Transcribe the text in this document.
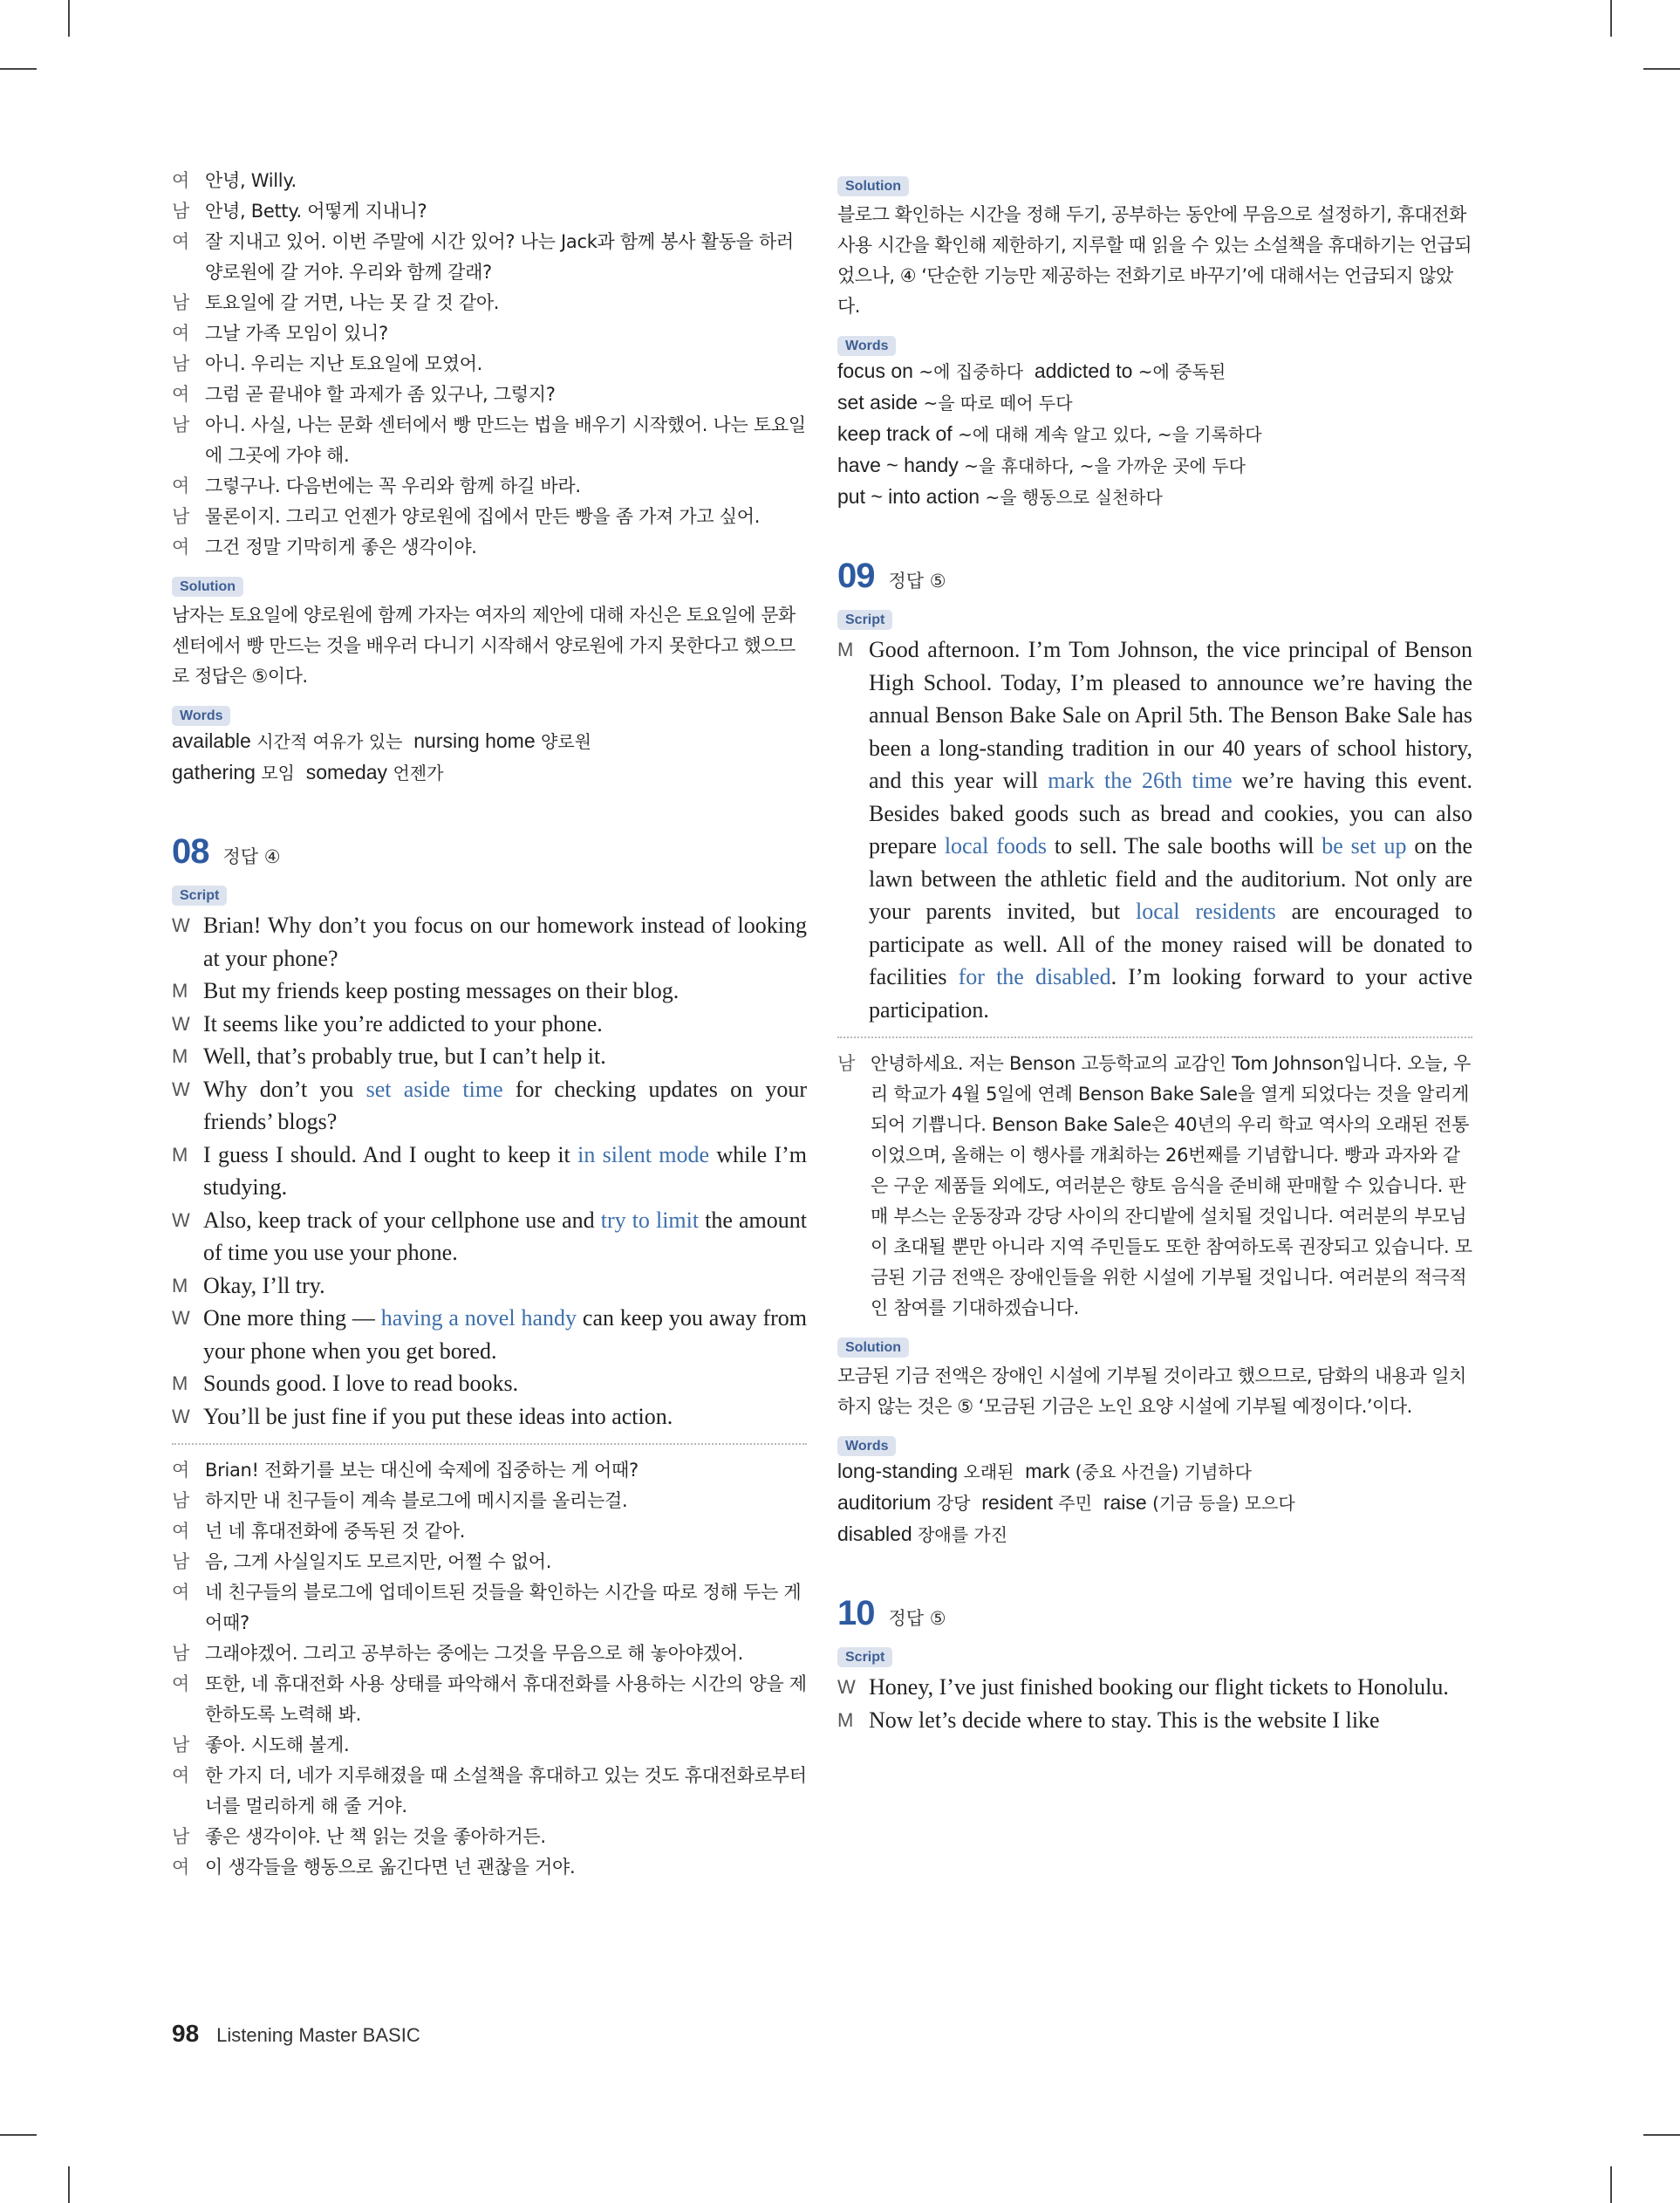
여 안녕, Willy.
남 안녕, Betty. 어떻게 지내니?
여 잘 지내고 있어. 이번 주말에 시간 있어? 나는 Jack과 함께 봉사 활동을 하러 양로원에 갈 거야. 우리와 함께 갈래?
남 토요일에 갈 거면, 나는 못 갈 것 같아.
여 그날 가족 모임이 있니?
남 아니. 우리는 지난 토요일에 모였어.
여 그럼 곧 끝내야 할 과제가 좀 있구나, 그렇지?
남 아니. 사실, 나는 문화 센터에서 빵 만드는 법을 배우기 시작했어. 나는 토요일에 그곳에 가야 해.
여 그렇구나. 다음번에는 꼭 우리와 함께 하길 바라.
남 물론이지. 그리고 언젠가 양로원에 집에서 만든 빵을 좀 가져 가고 싶어.
여 그건 정말 기막히게 좋은 생각이야.
Solution
남자는 토요일에 양로원에 함께 가자는 여자의 제안에 대해 자신은 토요일에 문화 센터에서 빵 만드는 것을 배우러 다니기 시작해서 양로원에 가지 못한다고 했으므로 정답은 ⑤이다.
Words
available 시간적 여유가 있는  nursing home 양로원
gathering 모임  someday 언젠가
08 정답 ④
Script
W Brian! Why don’t you focus on our homework instead of looking at your phone?
M But my friends keep posting messages on their blog.
W It seems like you’re addicted to your phone.
M Well, that’s probably true, but I can’t help it.
W Why don’t you set aside time for checking updates on your friends’ blogs?
M I guess I should. And I ought to keep it in silent mode while I’m studying.
W Also, keep track of your cellphone use and try to limit the amount of time you use your phone.
M Okay, I’ll try.
W One more thing — having a novel handy can keep you away from your phone when you get bored.
M Sounds good. I love to read books.
W You’ll be just fine if you put these ideas into action.
여 Brian! 전화기를 보는 대신에 숙제에 집중하는 게 어때?
남 하지만 내 친구들이 계속 블로그에 메시지를 올리는걸.
여 넌 네 휴대전화에 중독된 것 같아.
남 음, 그게 사실일지도 모르지만, 어쩔 수 없어.
여 네 친구들의 블로그에 업데이트된 것들을 확인하는 시간을 따로 정해 두는 게 어때?
남 그래야겠어. 그리고 공부하는 중에는 그것을 무음으로 해 놓아야겠어.
여 또한, 네 휴대전화 사용 상태를 파악해서 휴대전화를 사용하는 시간의 양을 제한하도록 노력해 봐.
남 좋아. 시도해 볼게.
여 한 가지 더, 네가 지루해졌을 때 소설책을 휴대하고 있는 것도 휴대전화로부터 너를 멀리하게 해 줄 거야.
남 좋은 생각이야. 난 책 읽는 것을 좋아하거든.
여 이 생각들을 행동으로 옮긴다면 넌 괜찮을 거야.
Solution
블로그 확인하는 시간을 정해 두기, 공부하는 동안에 무음으로 설정하기, 휴대전화 사용 시간을 확인해 제한하기, 지루할 때 읽을 수 있는 소설책을 휴대하기는 언급되었으나, ④ ‘단순한 기능만 제공하는 전화기로 바꾸기’에 대해서는 언급되지 않았다.
Words
focus on ~에 집중하다  addicted to ~에 중독된
set aside ~을 따로 떼어 두다
keep track of ~에 대해 계속 알고 있다, ~을 기록하다
have ~ handy ~을 휴대하다, ~을 가까운 곳에 두다
put ~ into action ~을 행동으로 실천하다
09 정답 ⑤
Script
M Good afternoon. I’m Tom Johnson, the vice principal of Benson High School. Today, I’m pleased to announce we’re having the annual Benson Bake Sale on April 5th. The Benson Bake Sale has been a long-standing tradition in our 40 years of school history, and this year will mark the 26th time we’re having this event. Besides baked goods such as bread and cookies, you can also prepare local foods to sell. The sale booths will be set up on the lawn between the athletic field and the auditorium. Not only are your parents invited, but local residents are encouraged to participate as well. All of the money raised will be donated to facilities for the disabled. I’m looking forward to your active participation.
남 안녕하세요. 저는 Benson 고등학교의 교감인 Tom Johnson입니다. 오늘, 우리 학교가 4월 5일에 연례 Benson Bake Sale을 열게 되었다는 것을 알리게 되어 기쁩니다. Benson Bake Sale은 40년의 우리 학교 역사의 오래된 전통이었으며, 올해는 이 행사를 개최하는 26번째를 기념합니다. 빵과 과자와 같은 구운 제품들 외에도, 여러분은 향토 음식을 준비해 판매할 수 있습니다. 판매 부스는 운동장과 강당 사이의 잔디밭에 설치될 것입니다. 여러분의 부모님이 초대될 뿐만 아니라 지역 주민들도 또한 참여하도록 권장되고 있습니다. 모금된 기금 전액은 장애인들을 위한 시설에 기부될 것입니다. 여러분의 적극적인 참여를 기대하겠습니다.
Solution
모금된 기금 전액은 장애인 시설에 기부될 것이라고 했으므로, 담화의 내용과 일치하지 않는 것은 ⑤ ‘모금된 기금은 노인 요양 시설에 기부될 예정이다.’이다.
Words
long-standing 오래된  mark (중요 사건을) 기념하다
auditorium 강당  resident 주민  raise (기금 등을) 모으다
disabled 장애를 가진
10 정답 ⑤
Script
W Honey, I’ve just finished booking our flight tickets to Honolulu.
M Now let’s decide where to stay. This is the website I like
98 Listening Master BASIC
